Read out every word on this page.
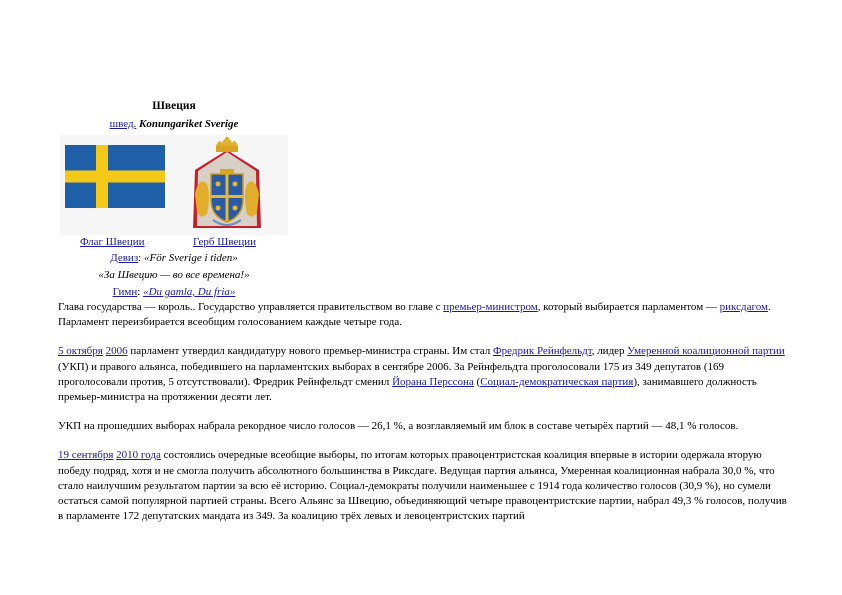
Швеция
швед. Konungariket Sverige
Флаг Швеции	Герб Швеции
Девиз: «För Sverige i tiden»
«За Швецию — во все времена!»
Гимн: «Du gamla, Du fria»

Глава государства — король.. Государство управляется правительством во главе с премьер-министром, который выбирается парламентом — риксдагом. Парламент переизбирается всеобщим голосованием каждые четыре года.

5 октября 2006 парламент утвердил кандидатуру нового премьер-министра страны. Им стал Фредрик Рейнфельдт, лидер Умеренной коалиционной партии (УКП) и правого альянса, победившего на парламентских выборах в сентябре 2006. За Рейнфельдта проголосовали 175 из 349 депутатов (169 проголосовали против, 5 отсутствовали). Фредрик Рейнфельдт сменил Йорана Персcона (Социал-демократическая партия), занимавшего должность премьер-министра на протяжении десяти лет.

УКП на прошедших выборах набрала рекордное число голосов — 26,1 %, а возглавляемый им блок в составе четырёх партий — 48,1 % голосов.

19 сентября 2010 года состоялись очередные всеобщие выборы, по итогам которых правоцентристская коалиция впервые в истории одержала вторую победу подряд, хотя и не смогла получить абсолютного большинства в Риксдаге. Ведущая партия альянса, Умеренная коалиционная набрала 30,0 %, что стало наилучшим результатом партии за всю её историю. Социал-демократы получили наименьшее с 1914 года количество голосов (30,9 %), но сумели остаться самой популярной партией страны. Всего Альянс за Швецию, объединяющий четыре правоцентристские партии, набрал 49,3 % голосов, получив в парламенте 172 депутатских мандата из 349. За коалицию трёх левых и левоцентристских партий
